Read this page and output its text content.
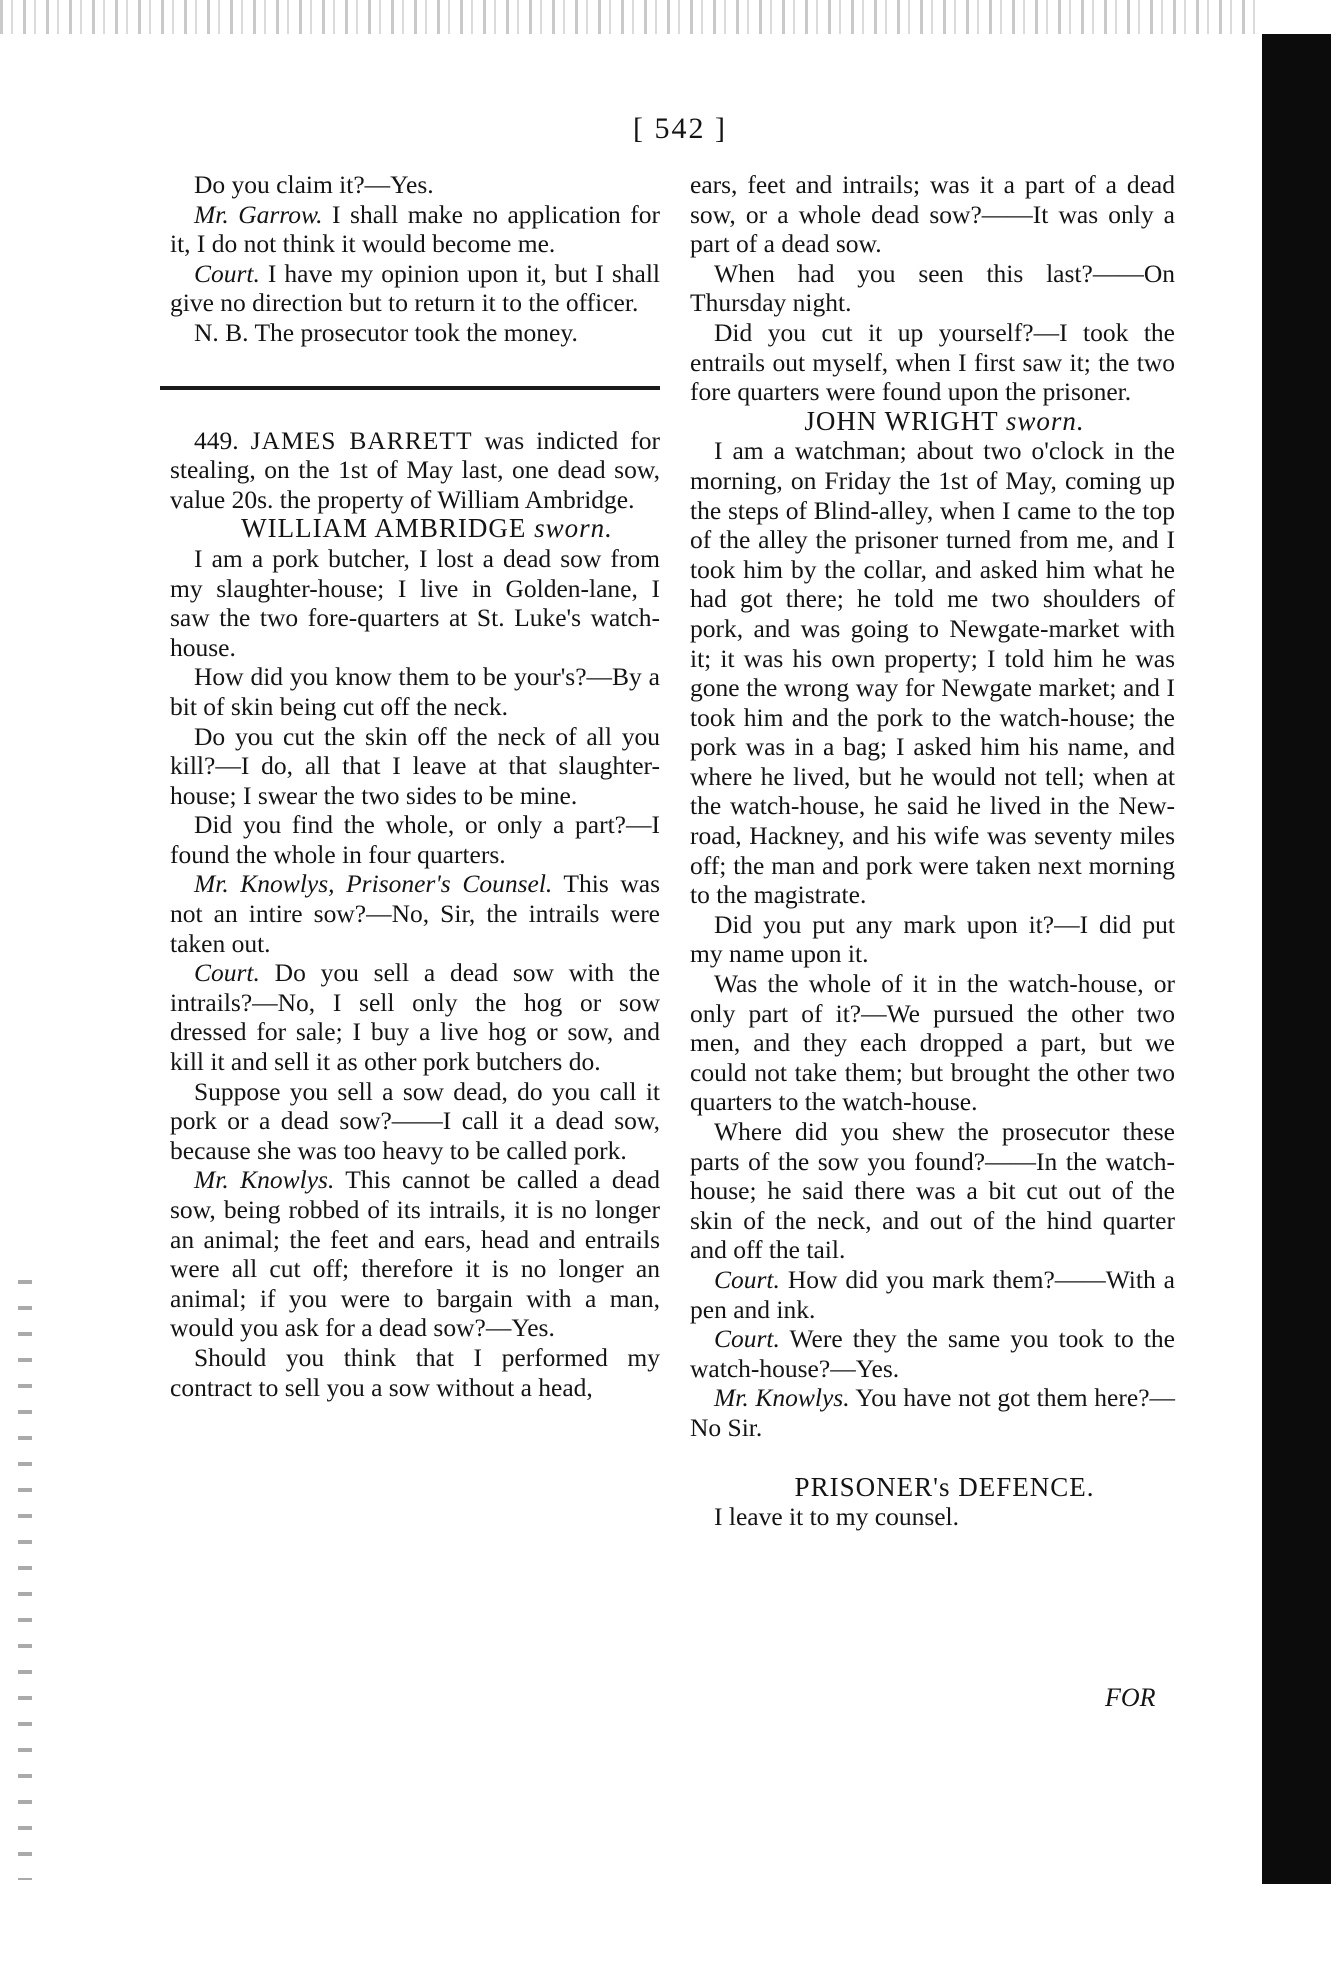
[ 542 ]

Do you claim it?—Yes.

Mr. Garrow. I shall make no application for it, I do not think it would become me.

Court. I have my opinion upon it, but I shall give no direction but to return it to the officer.

N. B. The prosecutor took the money.

449. JAMES BARRETT was indicted for stealing, on the 1st of May last, one dead sow, value 20s. the property of William Ambridge.

WILLIAM AMBRIDGE sworn.

I am a pork butcher, I lost a dead sow from my slaughter-house; I live in Golden-lane, I saw the two fore-quarters at St. Luke's watch-house.

How did you know them to be your's?—By a bit of skin being cut off the neck.

Do you cut the skin off the neck of all you kill?—I do, all that I leave at that slaughter-house; I swear the two sides to be mine.

Did you find the whole, or only a part?—I found the whole in four quarters.

Mr. Knowlys, Prisoner's Counsel. This was not an intire sow?—No, Sir, the intrails were taken out.

Court. Do you sell a dead sow with the intrails?—No, I sell only the hog or sow dressed for sale; I buy a live hog or sow, and kill it and sell it as other pork butchers do.

Suppose you sell a sow dead, do you call it pork or a dead sow?——I call it a dead sow, because she was too heavy to be called pork.

Mr. Knowlys. This cannot be called a dead sow, being robbed of its intrails, it is no longer an animal; the feet and ears, head and entrails were all cut off; therefore it is no longer an animal; if you were to bargain with a man, would you ask for a dead sow?—Yes.

Should you think that I performed my contract to sell you a sow without a head,

ears, feet and intrails; was it a part of a dead sow, or a whole dead sow?——It was only a part of a dead sow.

When had you seen this last?——On Thursday night.

Did you cut it up yourself?—I took the entrails out myself, when I first saw it; the two fore quarters were found upon the prisoner.

JOHN WRIGHT sworn.

I am a watchman; about two o'clock in the morning, on Friday the 1st of May, coming up the steps of Blind-alley, when I came to the top of the alley the prisoner turned from me, and I took him by the collar, and asked him what he had got there; he told me two shoulders of pork, and was going to Newgate-market with it; it was his own property; I told him he was gone the wrong way for Newgate market; and I took him and the pork to the watch-house; the pork was in a bag; I asked him his name, and where he lived, but he would not tell; when at the watch-house, he said he lived in the New-road, Hackney, and his wife was seventy miles off; the man and pork were taken next morning to the magistrate.

Did you put any mark upon it?—I did put my name upon it.

Was the whole of it in the watch-house, or only part of it?—We pursued the other two men, and they each dropped a part, but we could not take them; but brought the other two quarters to the watch-house.

Where did you shew the prosecutor these parts of the sow you found?——In the watch-house; he said there was a bit cut out of the skin of the neck, and out of the hind quarter and off the tail.

Court. How did you mark them?——With a pen and ink.

Court. Were they the same you took to the watch-house?—Yes.

Mr. Knowlys. You have not got them here?—No Sir.

PRISONER's DEFENCE.

I leave it to my counsel.

FOR
